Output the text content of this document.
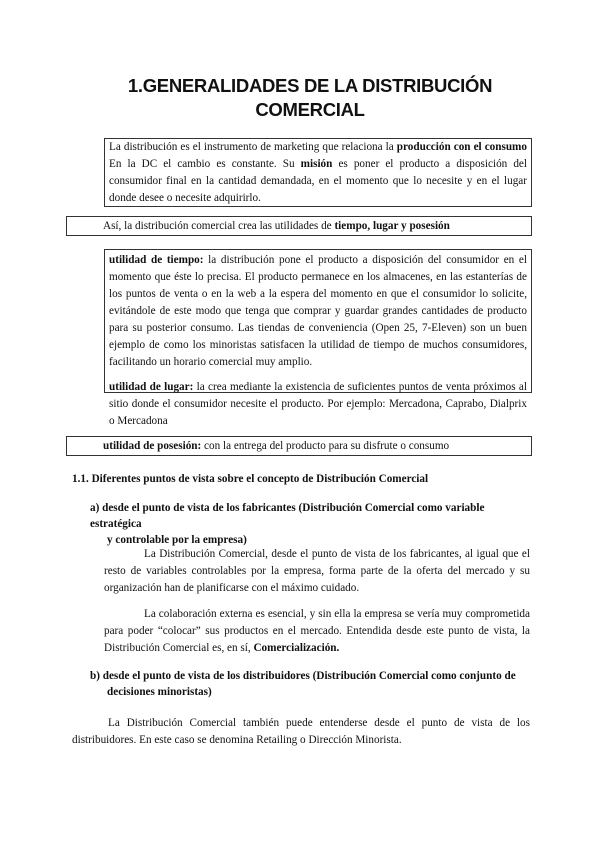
1.GENERALIDADES DE LA DISTRIBUCIÓN
COMERCIAL

La distribución es el instrumento de marketing que relaciona la producción con el consumo En la DC el cambio es constante. Su misión es poner el producto a disposición del consumidor final en la cantidad demandada, en el momento que lo necesite y en el lugar donde desee o necesite adquirirlo.

Así, la distribución comercial crea las utilidades de tiempo, lugar y posesión

utilidad de tiempo: la distribución pone el producto a disposición del consumidor en el momento que éste lo precisa. El producto permanece en los almacenes, en las estanterías de los puntos de venta o en la web a la espera del momento en que el consumidor lo solicite, evitándole de este modo que tenga que comprar y guardar grandes cantidades de producto para su posterior consumo. Las tiendas de conveniencia (Open 25, 7-Eleven) son un buen ejemplo de como los minoristas satisfacen la utilidad de tiempo de muchos consumidores, facilitando un horario comercial muy amplio.

utilidad de lugar: la crea mediante la existencia de suficientes puntos de venta próximos al sitio donde el consumidor necesite el producto. Por ejemplo: Mercadona, Caprabo, Dialprix o Mercadona

utilidad de posesión: con la entrega del producto para su disfrute o consumo

1.1. Diferentes puntos de vista sobre el concepto de Distribución Comercial
a) desde el punto de vista de los fabricantes (Distribución Comercial como variable estratégica
y controlable por la empresa)

La Distribución Comercial, desde el punto de vista de los fabricantes, al igual que el resto de variables controlables por la empresa, forma parte de la oferta del mercado y su organización han de planificarse con el máximo cuidado.

La colaboración externa es esencial, y sin ella la empresa se vería muy comprometida para poder “colocar” sus productos en el mercado. Entendida desde este punto de vista, la Distribución Comercial es, en sí, Comercialización.

b) desde el punto de vista de los distribuidores (Distribución Comercial como conjunto de
decisiones minoristas)

La Distribución Comercial también puede entenderse desde el punto de vista de los distribuidores. En este caso se denomina Retailing o Dirección Minorista.
